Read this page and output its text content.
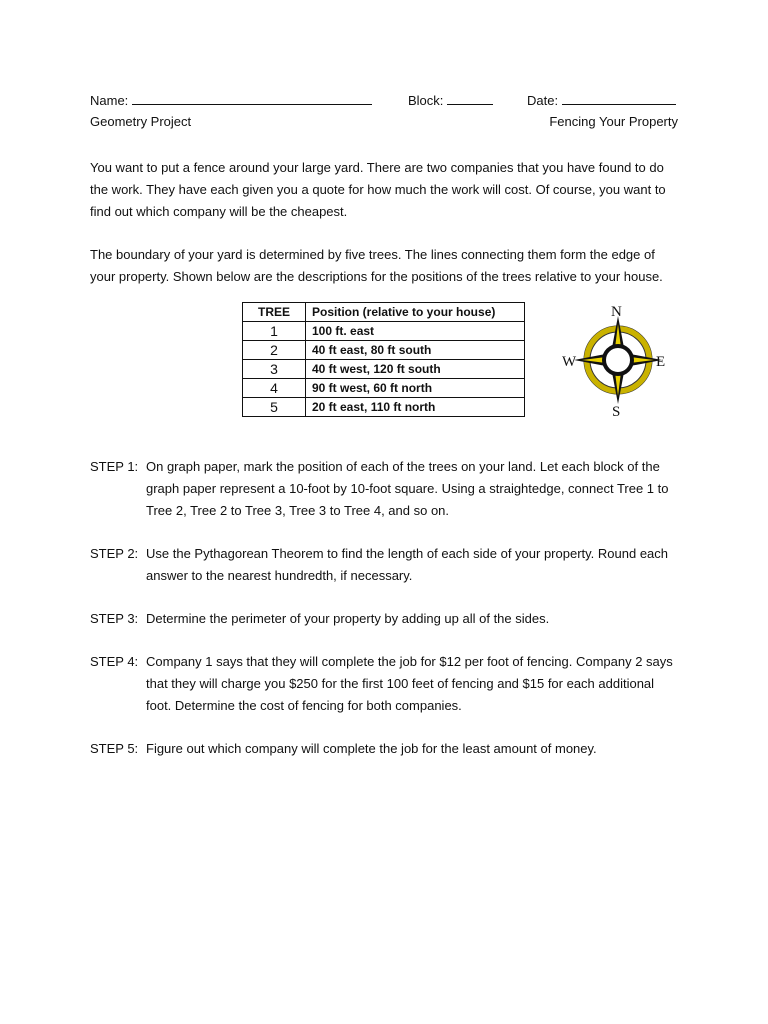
Name:	Block:	Date:
Geometry Project	Fencing Your Property

You want to put a fence around your large yard. There are two companies that you have found to do the work. They have each given you a quote for how much the work will cost. Of course, you want to find out which company will be the cheapest.

The boundary of your yard is determined by five trees. The lines connecting them form the edge of your property. Shown below are the descriptions for the positions of the trees relative to your house.

TREE	Position (relative to your house)
1	100 ft. east
2	40 ft east, 80 ft south
3	40 ft west, 120 ft south
4	90 ft west, 60 ft north
5	20 ft east, 110 ft north
N
S
W	E
STEP 1: On graph paper, mark the position of each of the trees on your land. Let each block of the graph paper represent a 10-foot by 10-foot square. Using a straightedge, connect Tree 1 to Tree 2, Tree 2 to Tree 3, Tree 3 to Tree 4, and so on.
STEP 2: Use the Pythagorean Theorem to find the length of each side of your property. Round each answer to the nearest hundredth, if necessary.
STEP 3: Determine the perimeter of your property by adding up all of the sides.
STEP 4: Company 1 says that they will complete the job for $12 per foot of fencing. Company 2 says that they will charge you $250 for the first 100 feet of fencing and $15 for each additional foot. Determine the cost of fencing for both companies.
STEP 5: Figure out which company will complete the job for the least amount of money.
